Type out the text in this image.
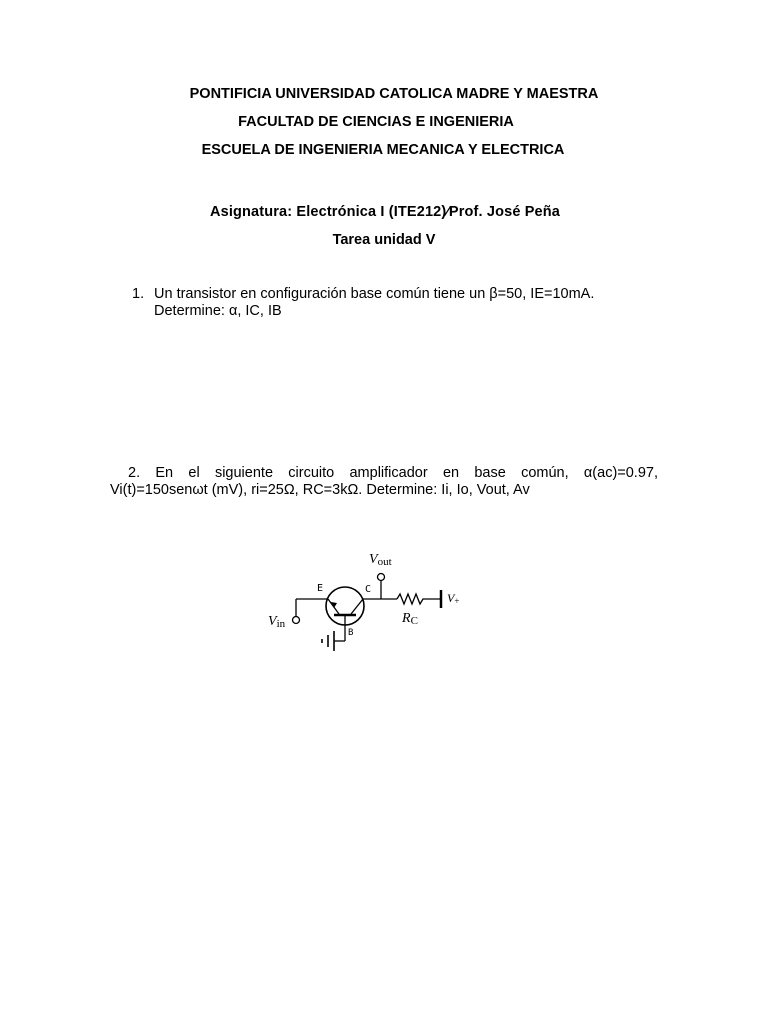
PONTIFICIA UNIVERSIDAD CATOLICA MADRE Y MAESTRA
FACULTAD DE CIENCIAS E INGENIERIA
ESCUELA DE INGENIERIA MECANICA Y ELECTRICA
Asignatura: Electrónica I (ITE212)⁄Prof. José Peña
Tarea unidad V
1. Un transistor en configuración base común tiene un β=50, IE=10mA.
Determine: α, IC, IB
2. En el siguiente circuito amplificador en base común, α(ac)=0.97,
Vi(t)=150senωt (mV), ri=25Ω, RC=3kΩ. Determine: Ii, Io, Vout, Av
Vout
Vin	RC
V+
E	C
B
